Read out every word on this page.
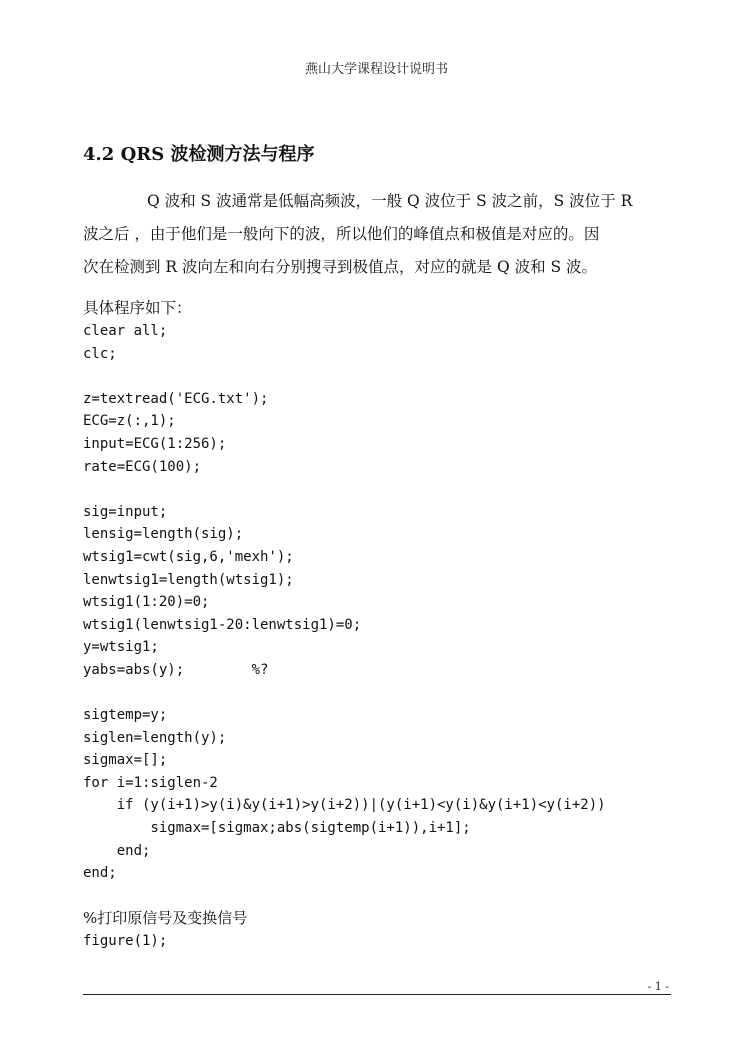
燕山大学课程设计说明书
4.2 QRS 波检测方法与程序
Q 波和 S 波通常是低幅高频波，一般 Q 波位于 S 波之前，S 波位于 R
波之后 ，由于他们是一般向下的波，所以他们的峰值点和极值是对应的。因
次在检测到 R 波向左和向右分别搜寻到极值点，对应的就是 Q 波和 S 波。
具体程序如下：
clear all;
clc;
z=textread('ECG.txt');
ECG=z(:,1);
input=ECG(1:256);
rate=ECG(100);
sig=input;
lensig=length(sig);
wtsig1=cwt(sig,6,'mexh');
lenwtsig1=length(wtsig1);
wtsig1(1:20)=0;
wtsig1(lenwtsig1-20:lenwtsig1)=0;
y=wtsig1;
yabs=abs(y);        %?
sigtemp=y;
siglen=length(y);
sigmax=[];
for i=1:siglen-2
if (y(i+1)>y(i)&y(i+1)>y(i+2))|(y(i+1)<y(i)&y(i+1)<y(i+2))
sigmax=[sigmax;abs(sigtemp(i+1)),i+1];
end;
end;
%打印原信号及变换信号
figure(1);
- 1 -
